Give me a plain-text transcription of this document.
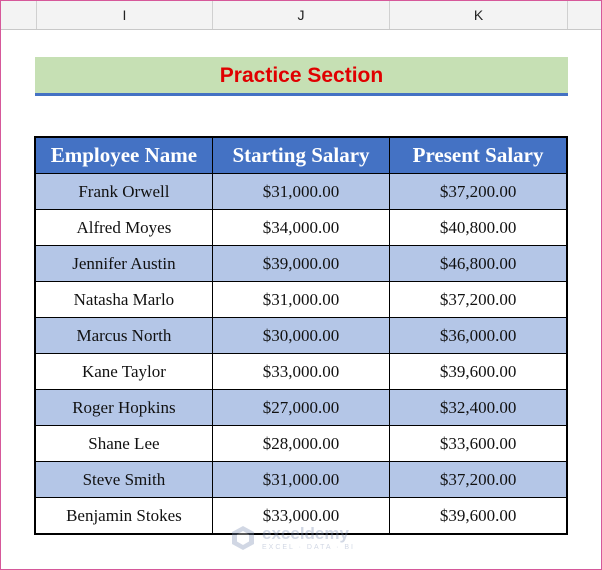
I	J	K
Practice Section
Employee Name	Starting Salary	Present Salary
Frank Orwell	$31,000.00	$37,200.00
Alfred Moyes	$34,000.00	$40,800.00
Jennifer Austin	$39,000.00	$46,800.00
Natasha Marlo	$31,000.00	$37,200.00
Marcus North	$30,000.00	$36,000.00
Kane Taylor	$33,000.00	$39,600.00
Roger Hopkins	$27,000.00	$32,400.00
Shane Lee	$28,000.00	$33,600.00
Steve Smith	$31,000.00	$37,200.00
Benjamin Stokes	$33,000.00	$39,600.00
exceldemy
EXCEL · DATA · BI
